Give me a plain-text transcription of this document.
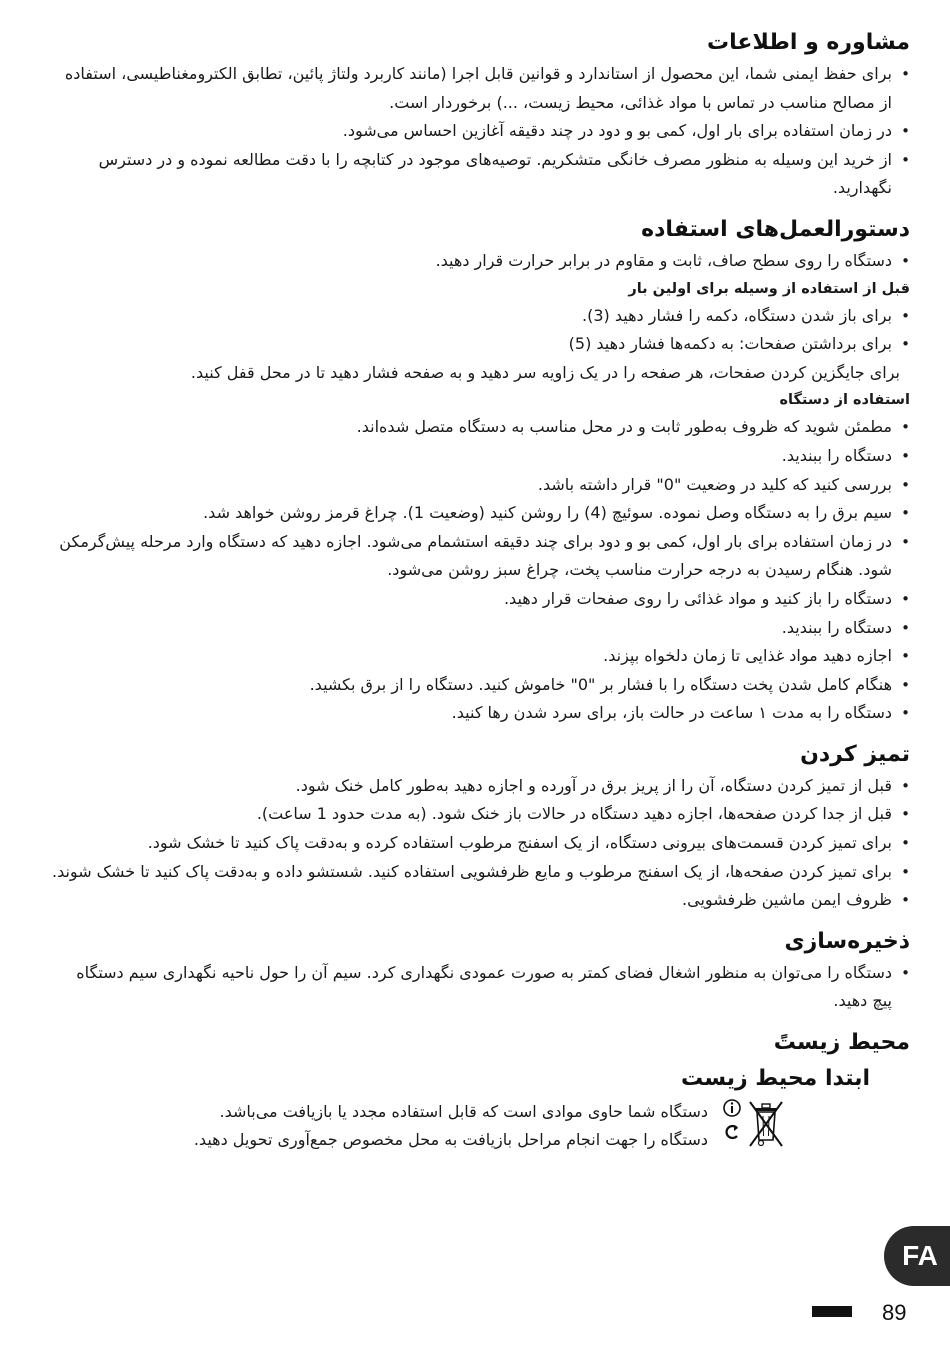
مشاوره و اطلاعات
• برای حفظ ایمنی شما، این محصول از استاندارد و قوانین قابل اجرا (مانند کاربرد ولتاژ پائین، تطابق الکترومغناطیسی، استفاده از مصالح مناسب در تماس با مواد غذائی، محیط زیست، ...) برخوردار است.
• در زمان استفاده برای بار اول، کمی بو و دود در چند دقیقه آغازین احساس می‌شود.
• از خرید این وسیله به منظور مصرف خانگی متشکریم. توصیه‌های موجود در کتابچه را با دقت مطالعه نموده و در دسترس نگهدارید.
دستورالعمل‌های استفاده
• دستگاه را روی سطح صاف، ثابت و مقاوم در برابر حرارت قرار دهید.
قبل از استفاده از وسیله برای اولین بار
• برای باز شدن دستگاه، دکمه را فشار دهید (3).
• برای برداشتن صفحات: به دکمه‌ها فشار دهید (5)
برای جایگزین کردن صفحات، هر صفحه را در یک زاویه سر دهید و به صفحه فشار دهید تا در محل قفل کنید.
استفاده از دستگاه
• مطمئن شوید که ظروف به‌طور ثابت و در محل مناسب به دستگاه متصل شده‌اند.
• دستگاه را ببندید.
• بررسی کنید که کلید در وضعیت "0" قرار داشته باشد.
• سیم برق را به دستگاه وصل نموده. سوئیچ (4) را روشن کنید (وضعیت 1). چراغ قرمز روشن خواهد شد.
• در زمان استفاده برای بار اول، کمی بو و دود برای چند دقیقه استشمام می‌شود. اجازه دهید که دستگاه وارد مرحله پیش‌گرمکن شود. هنگام رسیدن به درجه حرارت مناسب پخت، چراغ سبز روشن می‌شود.
• دستگاه را باز کنید و مواد غذائی را روی صفحات قرار دهید.
• دستگاه را ببندید.
• اجازه دهید مواد غذایی تا زمان دلخواه بپزند.
• هنگام کامل شدن پخت دستگاه را با فشار بر "0" خاموش کنید. دستگاه را از برق بکشید.
• دستگاه را به مدت ۱ ساعت در حالت باز، برای سرد شدن رها کنید.
تمیز کردن
• قبل از تمیز کردن دستگاه، آن را از پریز برق در آورده و اجازه دهید به‌طور کامل خنک شود.
• قبل از جدا کردن صفحه‌ها، اجازه دهید دستگاه در حالات باز خنک شود. (به مدت حدود 1 ساعت).
• برای تمیز کردن قسمت‌های بیرونی دستگاه، از یک اسفنج مرطوب استفاده کرده و به‌دقت پاک کنید تا خشک شود.
• برای تمیز کردن صفحه‌ها، از یک اسفنج مرطوب و مایع ظرفشویی استفاده کنید. شستشو داده و به‌دقت پاک کنید تا خشک شوند.
• ظروف ایمن ماشین ظرفشویی.
ذخیره‌سازی
• دستگاه را می‌توان به منظور اشغال فضای کمتر به صورت عمودی نگهداری کرد. سیم آن را حول ناحیه نگهداری سیم دستگاه پیچ دهید.
محیط زیستً
ابتدا محیط زیست
دستگاه شما حاوی موادی است که قابل استفاده مجدد یا بازیافت می‌باشد.
دستگاه را جهت انجام مراحل بازیافت به محل مخصوص جمع‌آوری تحویل دهید.
FA
89
